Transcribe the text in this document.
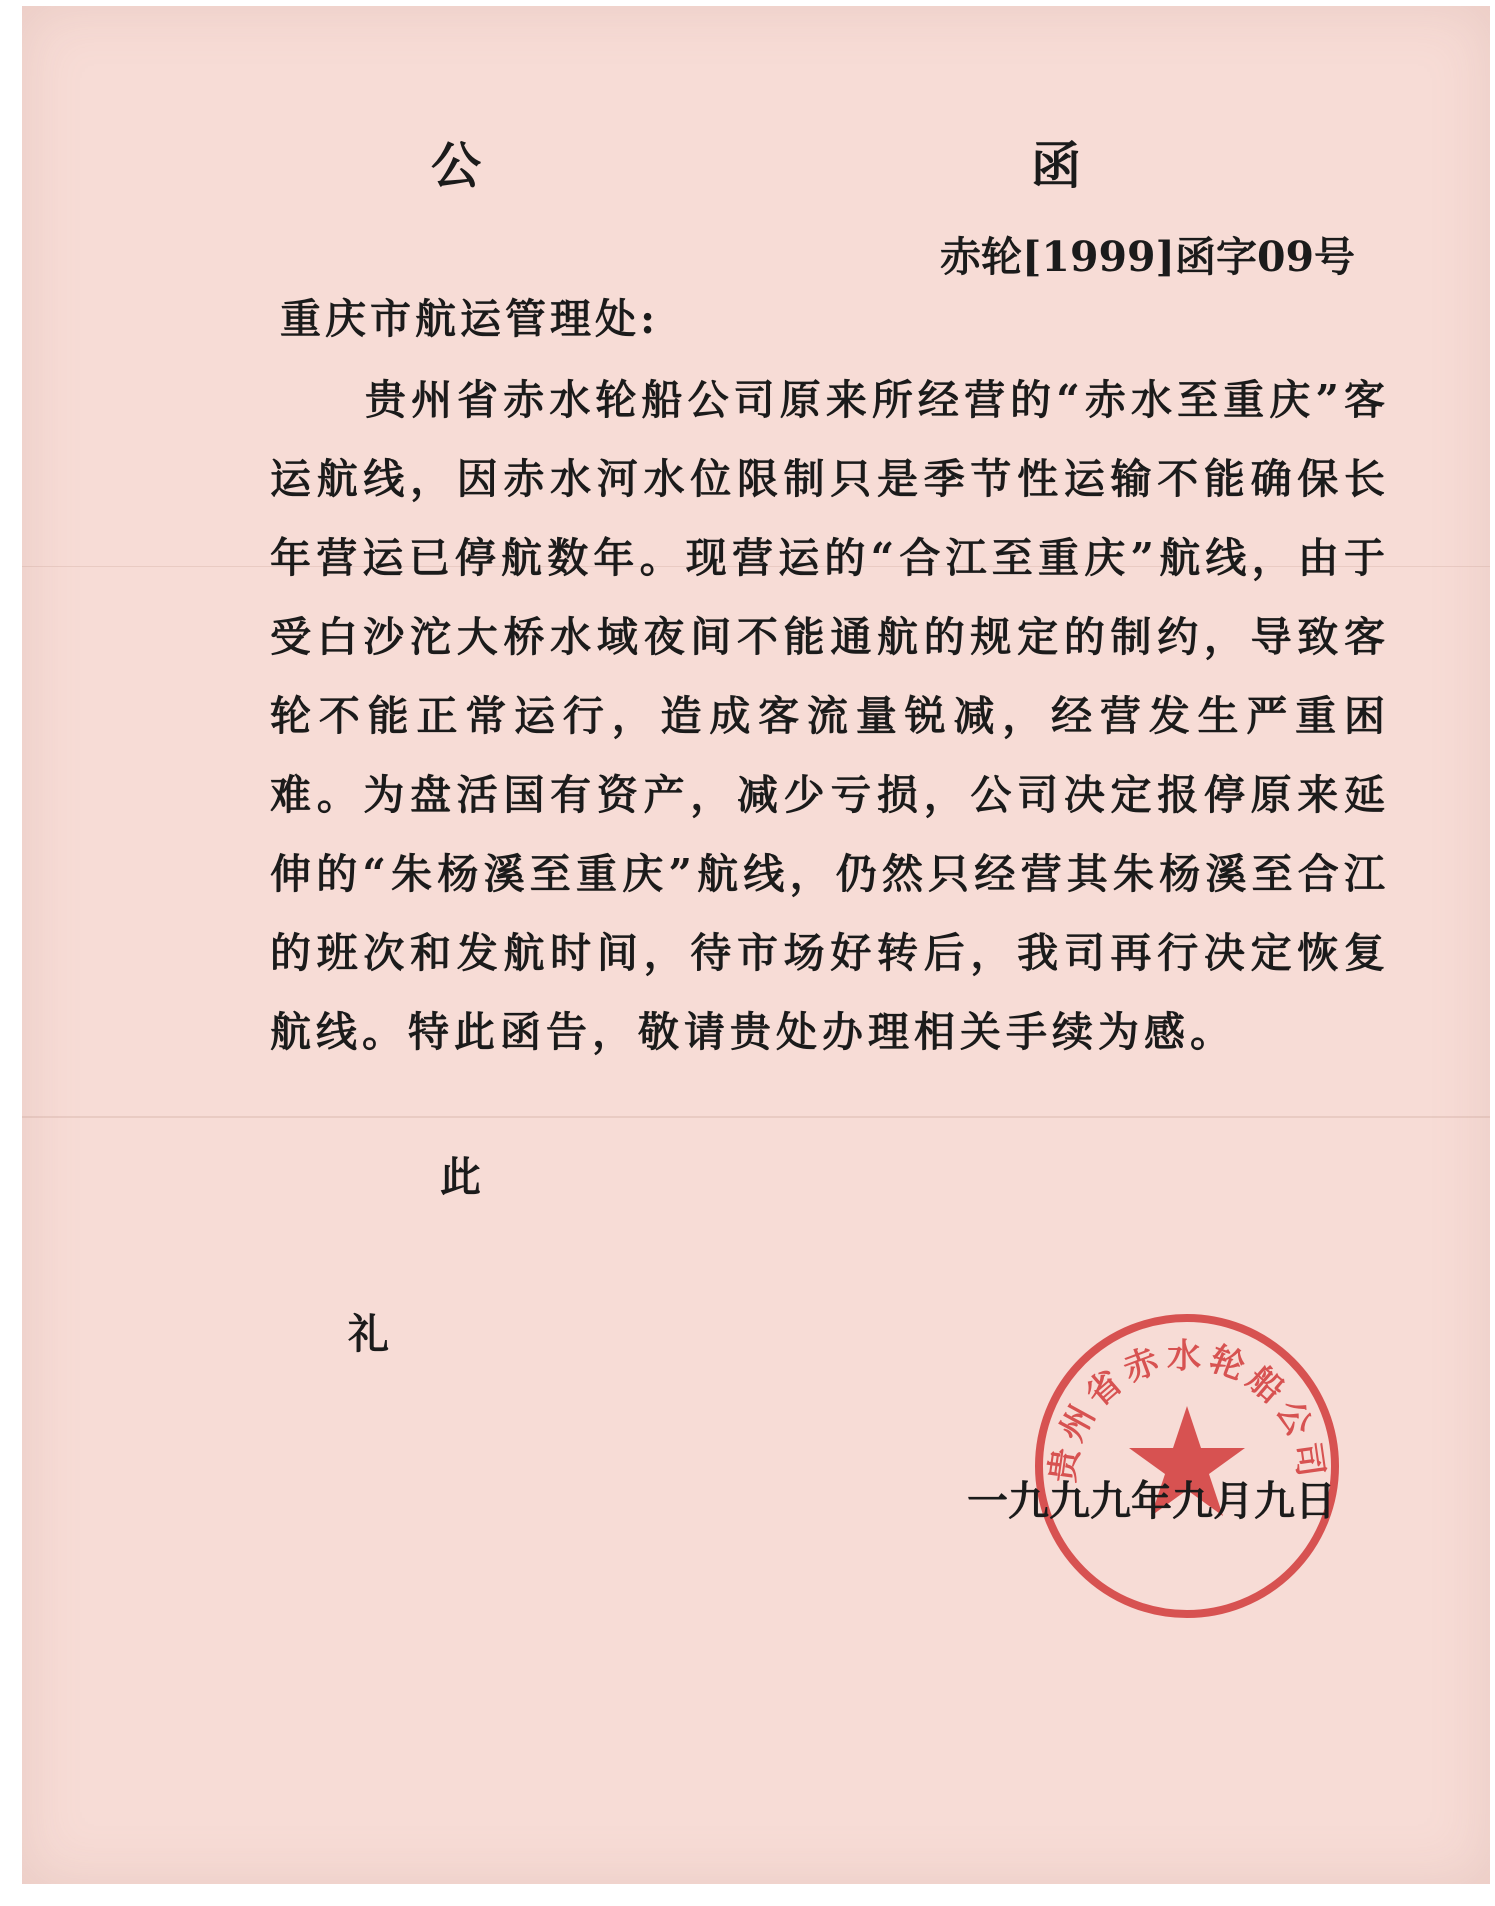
公　　函
赤轮[1999]函字09号
重庆市航运管理处:

贵州省赤水轮船公司原来所经营的“赤水至重庆”客运航线，因赤水河水位限制只是季节性运输不能确保长年营运已停航数年。现营运的“合江至重庆”航线，由于受白沙沱大桥水域夜间不能通航的规定的制约，导致客轮不能正常运行，造成客流量锐减，经营发生严重困难。为盘活国有资产，减少亏损，公司决定报停原来延伸的“朱杨溪至重庆”航线，仍然只经营其朱杨溪至合江的班次和发航时间，待市场好转后，我司再行决定恢复航线。特此函告，敬请贵处办理相关手续为感。

此
礼
贵州省赤水轮船公司
一九九九年九月九日
